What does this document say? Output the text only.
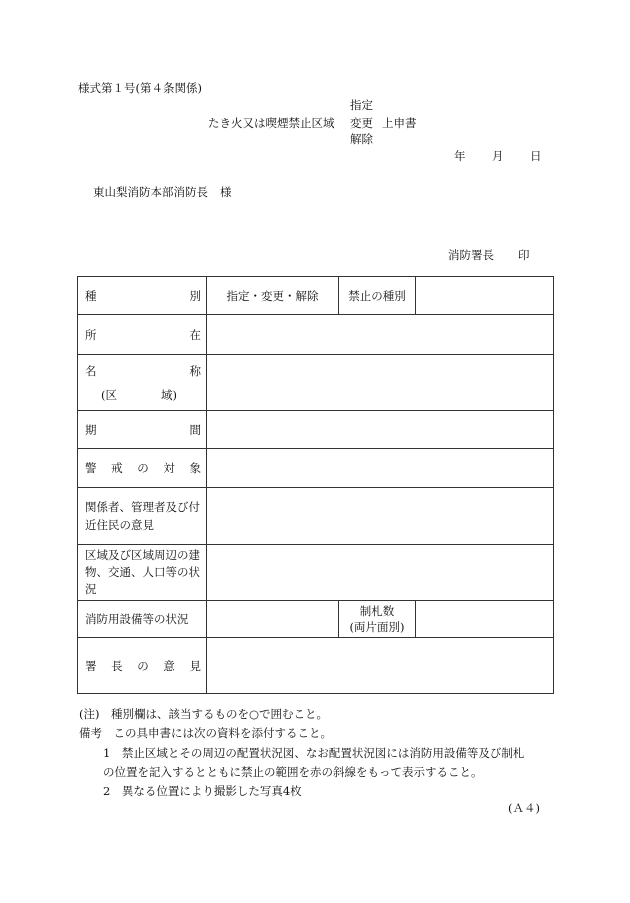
様式第１号(第４条関係)
たき火又は喫煙禁止区域
指定
変更
解除
上申書
年 月 日
東山梨消防本部消防長 様
消防署長 印
種 別	指定・変更・解除	禁止の種別	

所 在			

名 称
(区 域)			

期 間			

警 戒 の 対 象			

関係者、管理者及び付近住民の意見			
区域及び区域周辺の建物、交通、人口等の状況			
消防用設備等の状況		制札数
(両片面別)	

署 長 の 意 見			

(注)　種別欄は、該当するものを○で囲むこと。
備考　この具申書には次の資料を添付すること。
1　禁止区域とその周辺の配置状況図、なお配置状況図には消防用設備等及び制札
の位置を記入するとともに禁止の範囲を赤の斜線をもって表示すること。
2　異なる位置により撮影した写真4枚
(Ａ４)
